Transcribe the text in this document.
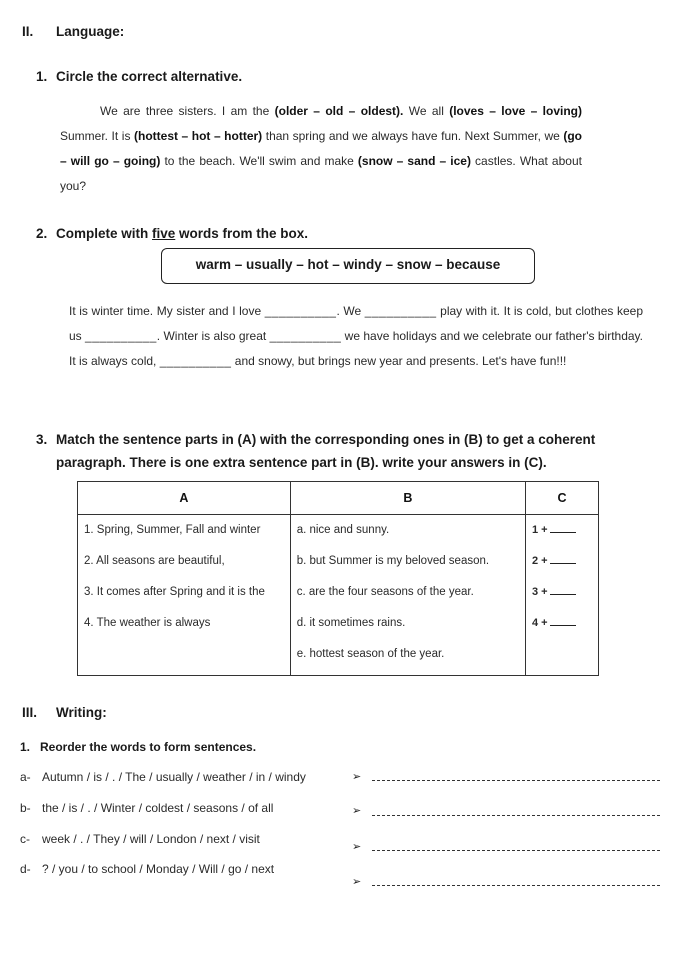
II. Language:
1. Circle the correct alternative.
We are three sisters. I am the (older – old – oldest). We all (loves – love – loving) Summer. It is (hottest – hot – hotter) than spring and we always have fun. Next Summer, we (go – will go – going) to the beach. We'll swim and make (snow – sand – ice) castles. What about you?
2. Complete with five words from the box.
warm – usually – hot – windy – snow – because
It is winter time. My sister and I love __________. We __________ play with it. It is cold, but clothes keep us __________. Winter is also great __________ we have holidays and we celebrate our father's birthday. It is always cold, __________ and snowy, but brings new year and presents. Let's have fun!!!
3. Match the sentence parts in (A) with the corresponding ones in (B) to get a coherent paragraph. There is one extra sentence part in (B). write your answers in (C).
A	B	C

1. Spring, Summer, Fall and winter
2. All seasons are beautiful,
3. It comes after Spring and it is the
4. The weather is always

a. nice and sunny.
b. but Summer is my beloved season.
c. are the four seasons of the year.
d. it sometimes rains.
e. hottest season of the year.

1 +
2 +
3 +
4 +
III. Writing:
1. Reorder the words to form sentences.
a- Autumn / is / . / The / usually / weather / in / windy	➢
b- the / is / . / Winter / coldest / seasons / of all	➢
c- week / . / They / will / London / next / visit
➢
d- ? / you / to school / Monday / Will / go / next
➢
